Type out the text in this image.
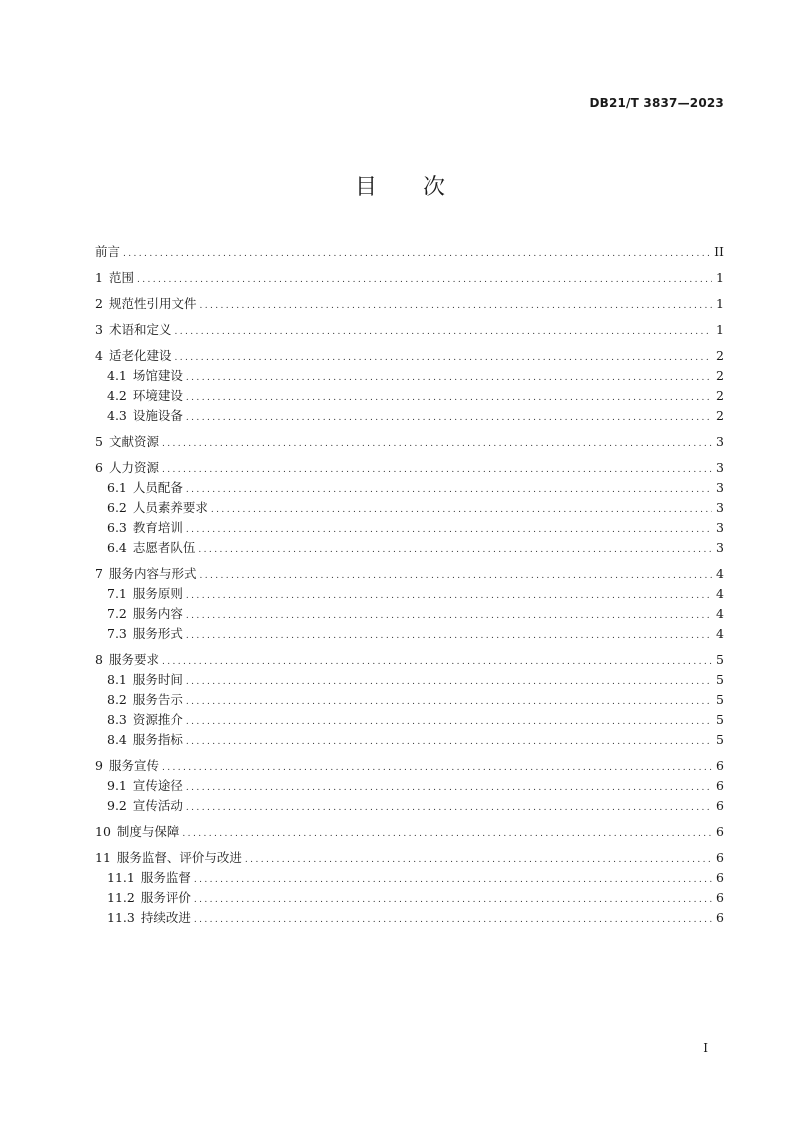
DB21/T 3837—2023
目 次
前言 .....	II
1 范围 .....	1
2 规范性引用文件 .....	1
3 术语和定义 .....	1
4 适老化建设 .....	2
4.1 场馆建设 .....	2
4.2 环境建设 .....	2
4.3 设施设备 .....	2
5 文献资源 .....	3
6 人力资源 .....	3
6.1 人员配备 .....	3
6.2 人员素养要求 .....	3
6.3 教育培训 .....	3
6.4 志愿者队伍 .....	3
7 服务内容与形式 .....	4
7.1 服务原则 .....	4
7.2 服务内容 .....	4
7.3 服务形式 .....	4
8 服务要求 .....	5
8.1 服务时间 .....	5
8.2 服务告示 .....	5
8.3 资源推介 .....	5
8.4 服务指标 .....	5
9 服务宣传 .....	6
9.1 宣传途径 .....	6
9.2 宣传活动 .....	6
10 制度与保障 .....	6
11 服务监督、评价与改进 .....	6
11.1 服务监督 .....	6
11.2 服务评价 .....	6
11.3 持续改进 .....	6
I
